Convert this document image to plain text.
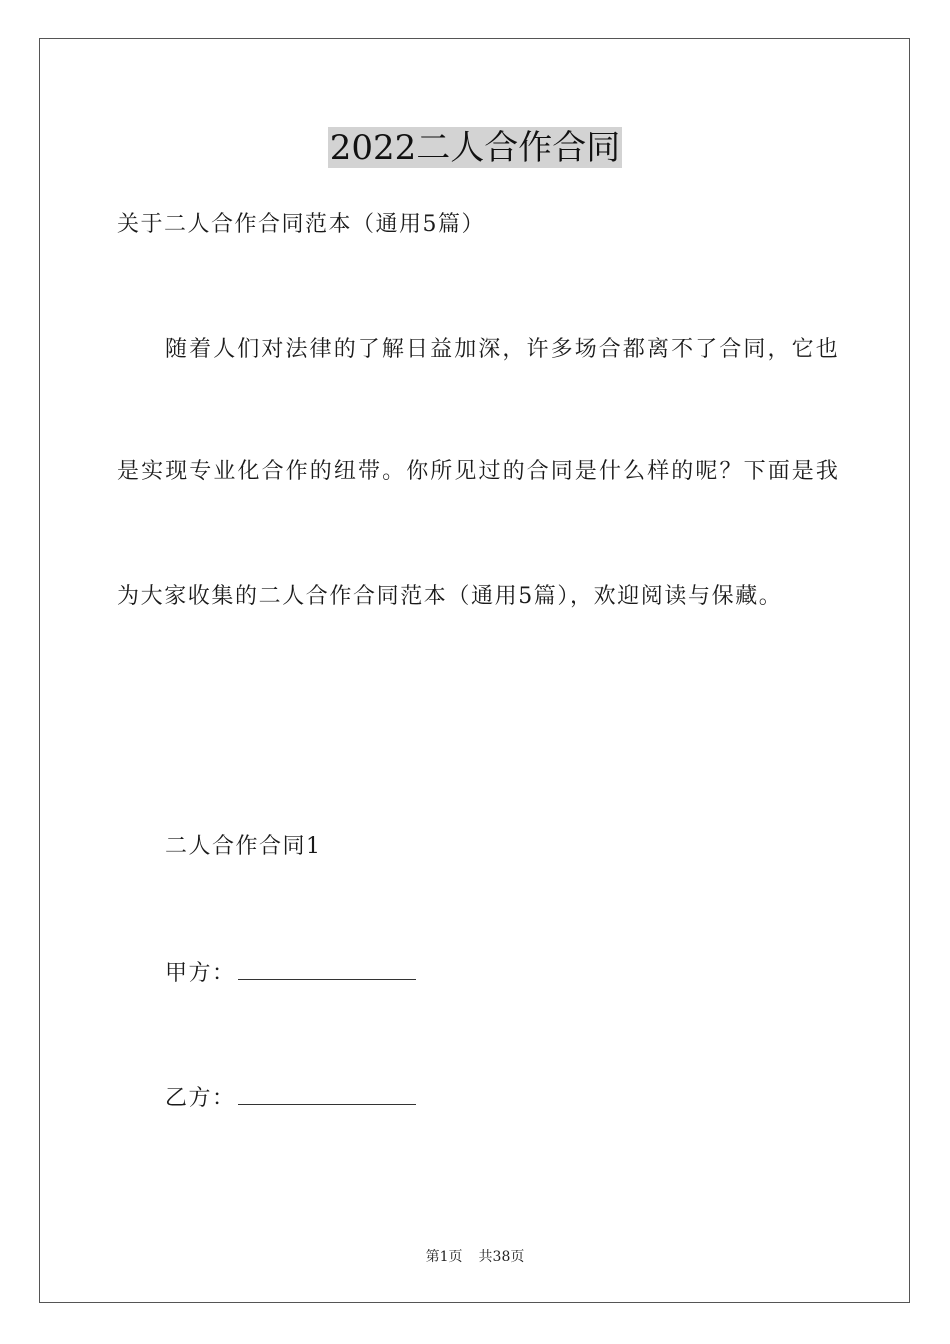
2022二人合作合同
关于二人合作合同范本（通用5篇）
随着人们对法律的了解日益加深，许多场合都离不了合同，它也
是实现专业化合作的纽带。你所见过的合同是什么样的呢？下面是我
为大家收集的二人合作合同范本（通用5篇），欢迎阅读与保藏。
二人合作合同1
甲方：
乙方：
第1页 共38页
